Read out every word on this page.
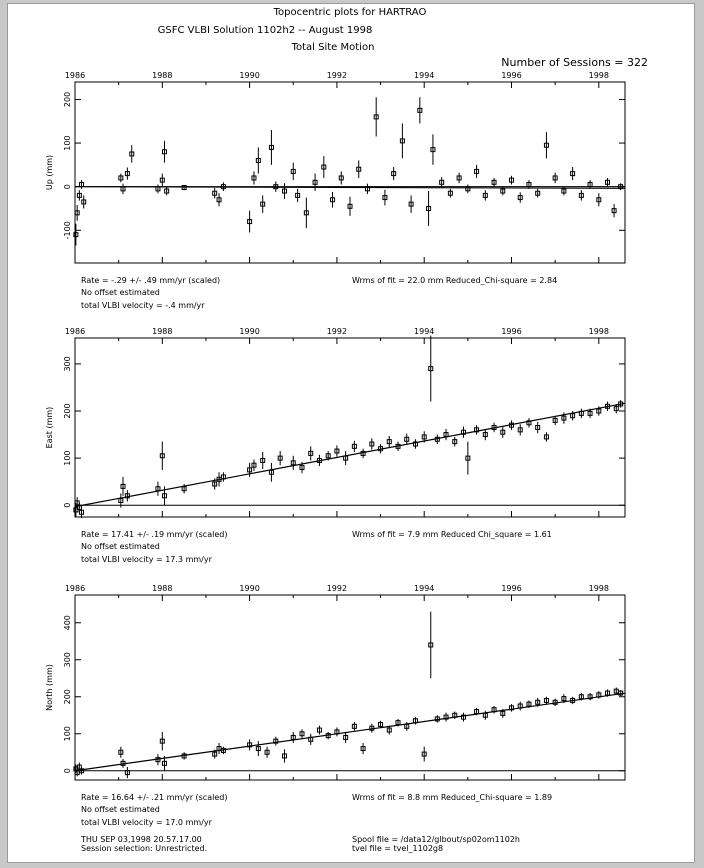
Topocentric plots for HARTRAO
GSFC VLBI Solution 1102h2 -- August 1998
Total Site Motion
Number of Sessions = 322
1986	1988	1990	1992	1994	1996	1998
-100
0
100
200
Up (mm)
Rate = -.29 +/- .49 mm/yr (scaled)
No offset estimated
total VLBI velocity = -.4 mm/yr
Wrms of fit = 22.0 mm Reduced_Chi-square = 2.84
1986	1988	1990	1992	1994	1996	1998
0
100
200
300
East (mm)
Rate = 17.41 +/- .19 mm/yr (scaled)
No offset estimated
total VLBI velocity = 17.3 mm/yr
Wrms of fit = 7.9 mm Reduced Chi_square = 1.61
1986	1988	1990	1992	1994	1996	1998
0
100
200
300
400
North (mm)
Rate = 16.64 +/- .21 mm/yr (scaled)
No offset estimated
total VLBI velocity = 17.0 mm/yr
Wrms of fit = 8.8 mm Reduced_Chi-square = 1.89
THU SEP 03,1998 20.57.17.00
Session selection: Unrestricted.
Spool file = /data12/glbout/sp02om1102h
tvel file = tvel_1102g8
